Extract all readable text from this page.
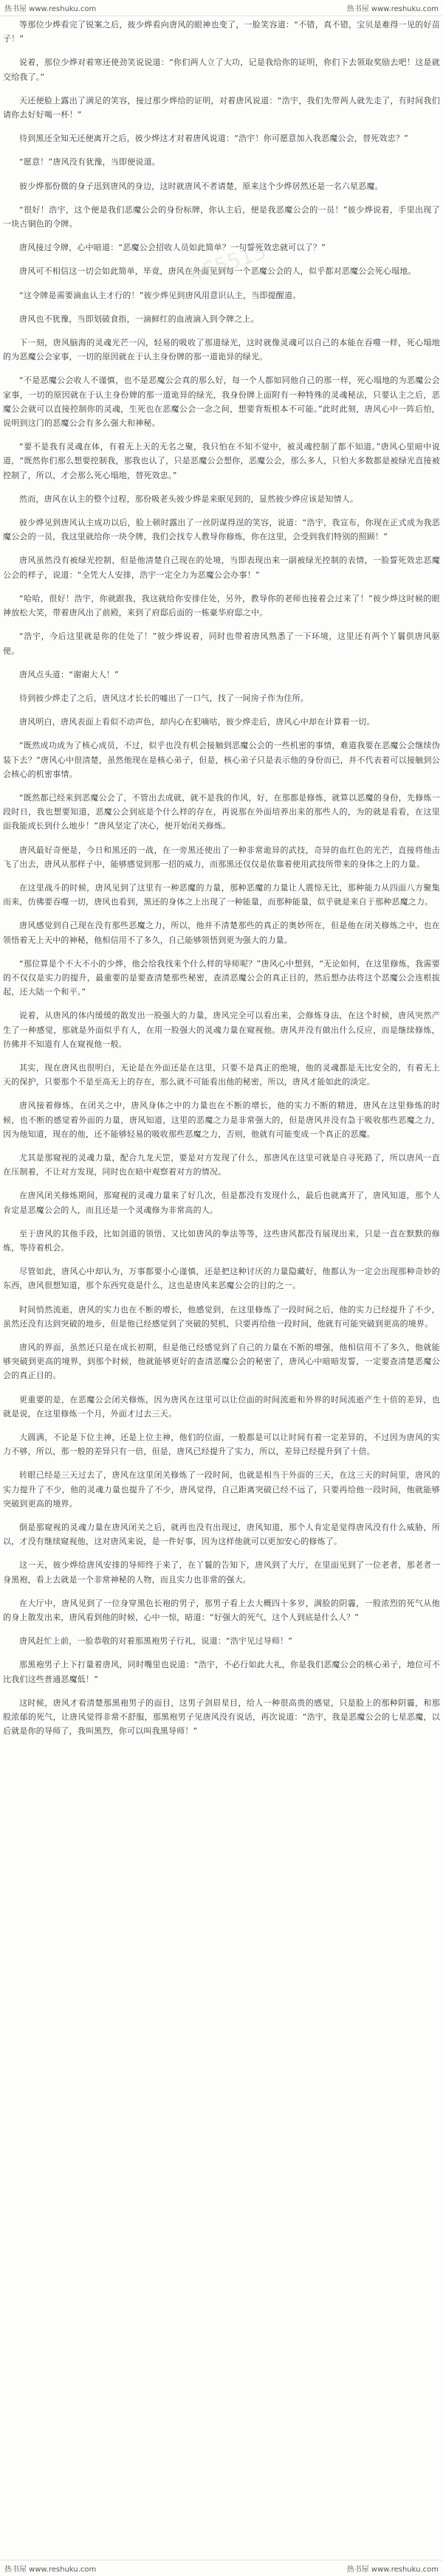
热书屋 www.reshuku.com	热书屋 www.reshuku.com

等那位少烨看完了锐案之后，彼少烨看向唐风的眼神也变了，一脸笑容道：“不错，真不错，宝贝是难得一见的好苗子！”

说着，那位少烨对着寒还使劲笑说说道：“你们两人立了大功，记是我给你的证明，你们下去领取奖励去吧！这是就交给我了。”

天还便脸上露出了满足的笑容，接过那少烨给的证明，对着唐风说道：“浩宇，我们先带两人就先走了，有时间我们请你去好好喝一杯！”

待到黑还全知无还便离开之后，彼少烨这才对着唐风说道：“浩宇！你可愿意加入我恶魔公会，替死效忠？”

“愿意！”唐风没有犹豫，当即便说道。

彼少烨那份微的身子迅到唐风的身边，这时就唐风不者请楚，原来这个少烨居然还是一名六星恶魔。

“很好！浩宇，这个便是我们恶魔公会的身份标牌，你认主后，便是我恶魔公会的一员！”彼少烨说着，手里出现了一块古铜色的令牌。

唐风接过令牌，心中暗道：“恶魔公会招收人员如此简单？一句誓死效忠就可以了？”

唐风可不相信这一切会如此简单，毕竟，唐风在外面见到每一个恶魔公会的人，似乎都对恶魔公会死心塌地。

“这令牌是需要滴血认主才行的！”彼少烨见到唐风用意识认主，当即提醒道。

唐风也不犹豫，当即划破食指，一滴鲜红的血液滴入到令牌之上。

下一刻，唐风脑海的灵魂光芒一闪，轻易的吸收了那道绿光，这时就像灵魂可以自己的本能在吞噬一样，死心塌地的为恶魔公会家事，一切的原因就在于认主身份牌的那一道诡异的绿光。

“不是恶魔公会收人不谨慎，也不是恶魔公会真的那么好，每一个人都如同他自己的那一样，死心塌地的为恶魔公会家事，一切的原因就在于认主身份牌的那一道诡异的绿光，我身份牌上面附有一种特殊的灵魂秘法，只要认主之后，恶魔公会就可以直接控制你的灵魂，生死也在恶魔公会一念之间，想要背叛根本不可能。”此时此刻，唐风心中一阵后怕，说明到这门的恶魔公会有多么强大和神秘。

“要不是我有灵魂在体，有着无上天的无名之聚，我只怕在不知不觉中，被灵魂控制了都不知道。”唐风心里暗中说道，“既然你们那么想要控制我，那我也认了，只是恶魔公会想你，恶魔公会，那么多人，只怕大多数都是被绿光直接被控制了，所以，才会那么死心塌地，替死效忠。”

然而，唐风在认主的整个过程，那份吸老头彼少烨是来眠见到的，显然彼少烨应该是知情人。

彼少烨见到唐风认主成功以后，脸上顿时露出了一丝阴谋得逞的笑容，说道：“浩宇，我宣布，你现在正式成为我恶魔公会的一员，我这里就给你一块令牌，我们会找专人教导你修炼，你在这里，会受到我们特别的照顾！”

唐风虽然没有被绿光控制，但是他清楚自己现在的处境，当即表现出来一副被绿光控制的表情，一脸誓死效忠恶魔公会的样子，说道：“全凭大人安排，浩宇一定全力为恶魔公会办事！”

“哈哈，很好！浩宇，你就跟我，我这就给你安排住处，另外，教导你的老师也接着会过来了！”彼少烨这时候的眼神放松大笑，带着唐风出了前殿，来到了府邸后面的一栋豪华府邸之中。

“浩宇，今后这里就是你的住处了！”彼少烨说着，同时也带着唐风熟悉了一下环境，这里还有两个丫鬟供唐风驱使。

唐风点头道：“谢谢大人！”

待到彼少烨走了之后，唐风这才长长的嘘出了一口气，找了一间房子作为住所。

唐风明白，唐风表面上看似不动声色，却内心在犯嘀咕，彼少烨走后，唐风心中却在计算着一切。

“既然成功成为了核心成员，不过，似乎也没有机会接触到恶魔公会的一些机密的事情，难道我要在恶魔公会继续伪装下去？”唐风心中很清楚，虽然他现在是核心弟子，但是，核心弟子只是表示他的身份而已，并不代表着可以接触到公会核心的机密事情。

“既然都已经来到恶魔公会了，不管出去成就，就不是我的作风，好，在那都是修炼，就算以恶魔的身份，先修炼一段时日，我也想要知道，恶魔公会到底是个什么样的存在，再说那在外面培养出来的那些人的，为的就是看看，在这里面我能成长到什么地步！”唐风坚定了决心，便开始闭关修炼。

唐风最好奇便是，今日和黑还的一战，在一旁黑还使出了一种非常诡异的武技，奇异的血红色的光芒，直接将他击飞了出去，唐风从那样子中，能够感觉到那一招的威力，而那黑还仅仅是依靠着使用武技所带来的身体之上的力量。

在这里战斗的时候，唐风见到了这里有一种恶魔的力量，那种恶魔的力量让人震惊无比，那种能力从四面八方聚集而来，仿佛要吞噬一切，唐风也看到，黑还的身体之上出现了一种能量，而那种能量，似乎就是来自于那种恶魔之力。

唐风感觉到自己现在没有那些恶魔之力，所以，他并不清楚那些的真正的奥妙所在，但是他在闭关修炼之中，也在领悟着无上天中的神秘，他相信用不了多久，自己能够领悟到更为强大的力量。

“那位算是个不大不小的少烨，他会给我找来个什么样的导师呢？”唐风心中想到，“无论如何，在这里修炼，我需要的不仅仅是实力的提升，最重要的是要查清楚那些秘密，查清恶魔公会的真正目的，然后想办法将这个恶魔公会连根拔起，还大陆一个和平。”

说着，从唐风的体内缓缓的散发出一股强大的力量，唐风完全可以看出来，会修炼身法，在这个时候，唐风突然产生了一种感觉，那就是外面似乎有人，在用一股强大的灵魂力量在窥视他。唐风并没有做出什么反应，而是继续修炼，彷佛并不知道有人在窥视他一般。

其实，现在唐风也很明白，无论是在外面还是在这里，只要不是真正的绝境，他的灵魂都是无比安全的，有着无上天的保护，只要那个不是至高无上的存在，那么就不可能看出他的秘密，所以，唐风才能如此的淡定。

唐风接着修炼，在闭关之中，唐风身体之中的力量也在不断的增长，他的实力不断的精进，唐风在这里修炼的时候，也不断的感觉着外面的力量，唐风知道，这里的恶魔之力是非常强大的，但是唐风并没有急于吸收那些恶魔之力，因为他知道，现在的他，还不能够轻易的吸收那些恶魔之力，否则，他就有可能变成一个真正的恶魔。

尤其是那窥视的灵魂力量，配合九龙天罡，要是对方发现了什么，那唐风在这里可就是自寻死路了，所以唐风一直在压制着，不让对方发现，同时也在暗中观察着对方的情况。

在唐风闭关修炼期间，那窥视的灵魂力量来了好几次，但是都没有发现什么，最后也就离开了，唐风知道，那个人肯定是恶魔公会的人，而且还是一个灵魂修为非常高的人。

至于唐风的其他手段，比如剑道的领悟、又比如唐风的拳法等等，这些唐风都没有展现出来，只是一直在默默的修炼，等待着机会。

尽管如此，唐风心中却认为，万事都要小心谨慎，还是把这种讨厌的力量隐藏好，他都认为一定会出现那种奇妙的东西，唐风很想知道，那个东西究竟是什么，这也是唐风来恶魔公会的目的之一。

时间悄然流逝，唐风的实力也在不断的增长，他感觉到，在这里修炼了一段时间之后，他的实力已经提升了不少，虽然还没有达到突破的地步，但是他已经感觉到了突破的契机，只要再给他一段时间，他就有可能突破到更高的境界。

唐风的界面，虽然还只是在成长初期，但是他已经感觉到了自己的力量在不断的增强，他相信用不了多久，他就能够突破到更高的境界，到那个时候，他就能够更好的查清恶魔公会的秘密了，唐风心中暗暗发誓，一定要查清楚恶魔公会的真正目的。

更重要的是，在恶魔公会闭关修炼，因为唐风在这里可以让位面的时间流逝和外界的时间流逝产生十倍的差异，也就是说，在这里修炼一个月，外面才过去三天。

大圆满，不论是下位主神，还是上位主神，他们的位面，一般都是可以让时间有着一定差异的，不过因为唐风的实力不够，所以，那一般的差异只有一倍，但是，唐风已经提升了实力，所以，差异已经提升到了十倍。

转眼已经是三天过去了，唐风在这里闭关修炼了一段时间，也就是相当于外面的三天，在这三天的时间里，唐风的实力提升了不少，他的灵魂力量也提升了不少，唐风觉得，自己距离突破已经不远了，只要再给他一段时间，他就能够突破到更高的境界。

倒是那窥视的灵魂力量在唐风闭关之后，就再也没有出现过，唐风知道，那个人肯定是觉得唐风没有什么威胁，所以，才没有继续窥视他，这对唐风来说，是一件好事，因为这样他就可以更加安心的修炼了。

这一天，彼少烨给唐风安排的导师终于来了，在丫鬟的告知下，唐风到了大厅，在里面见到了一位老者，那老者一身黑袍，看上去就是一个非常神秘的人物，而且实力也非常的强大。

在大厅中，唐风见到了一位身穿黑色长袍的男子，那男子看上去大概四十多岁，满脸的阴霾，一股浓烈的死气从他的身上散发出来，唐风看到他的时候，心中一惊，暗道：“好强大的死气，这个人到底是什么人？”

唐风赶忙上前，一脸恭敬的对着那黑袍男子行礼，说道：“浩宇见过导师！”

那黑袍男子上下打量着唐风，同时嘴里也说道：“浩宇，不必行如此大礼，你是我们恶魔公会的核心弟子，地位可不比我们这些普通恶魔低！”

这时候，唐风才看清楚那黑袍男子的面目，这男子剑眉星目，给人一种很高贵的感觉，只是脸上的那种阴霾，和那股浓郁的死气，让唐风觉得非常不舒服，那黑袍男子见唐风没有说话，再次说道：“浩宇，我是恶魔公会的七星恶魔，以后就是你的导师了，我叫黑烈，你可以叫我黑导师！”

465513
热书屋 www.reshuku.com	热书屋 www.reshuku.com
